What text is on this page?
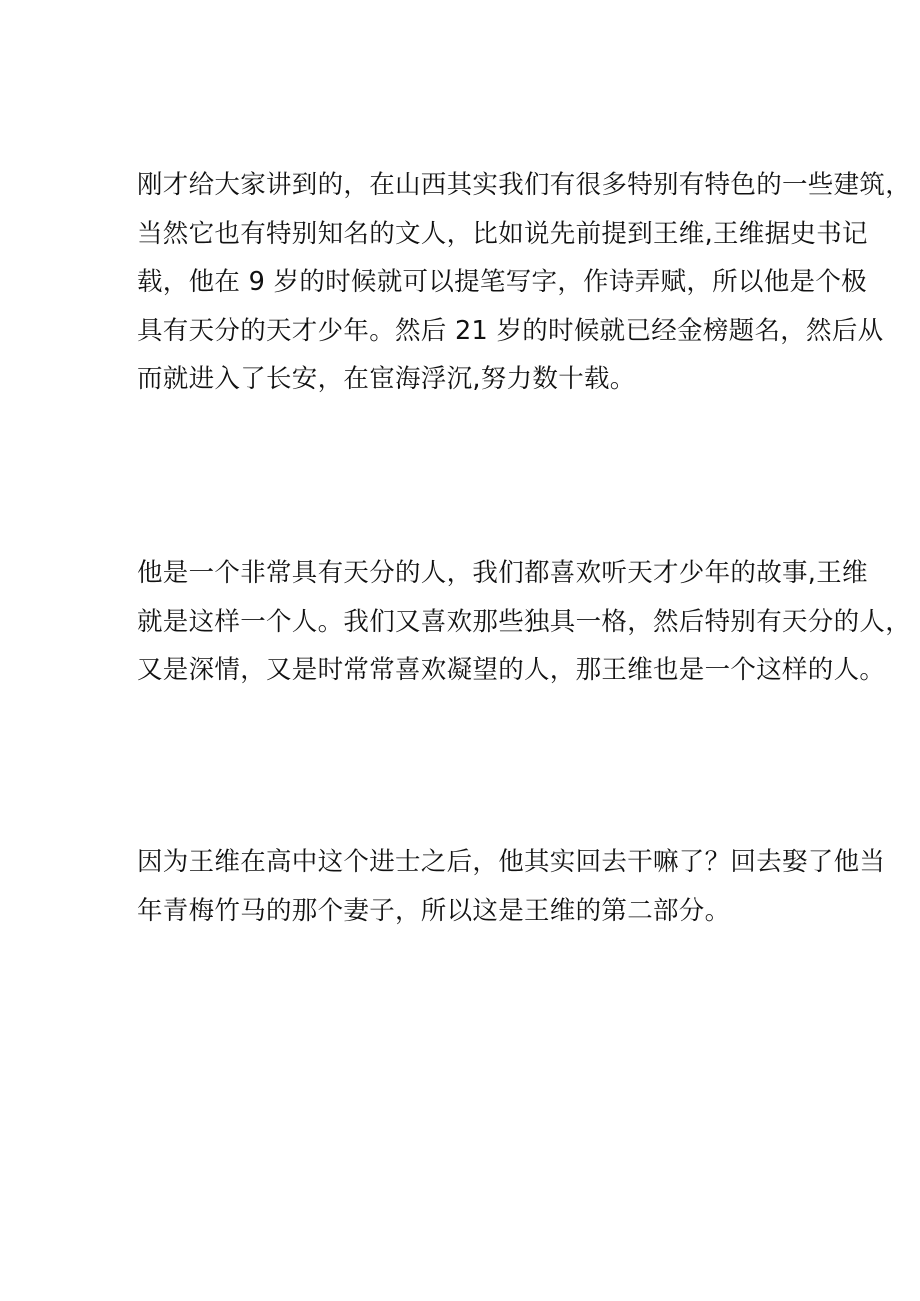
刚才给大家讲到的，在山西其实我们有很多特别有特色的一些建筑，
当然它也有特别知名的文人，比如说先前提到王维,王维据史书记
载，他在 9 岁的时候就可以提笔写字，作诗弄赋，所以他是个极
具有天分的天才少年。然后 21 岁的时候就已经金榜题名，然后从
而就进入了长安，在宦海浮沉,努力数十载。

他是一个非常具有天分的人，我们都喜欢听天才少年的故事,王维
就是这样一个人。我们又喜欢那些独具一格，然后特别有天分的人，
又是深情，又是时常常喜欢凝望的人，那王维也是一个这样的人。

因为王维在高中这个进士之后，他其实回去干嘛了？回去娶了他当
年青梅竹马的那个妻子，所以这是王维的第二部分。
